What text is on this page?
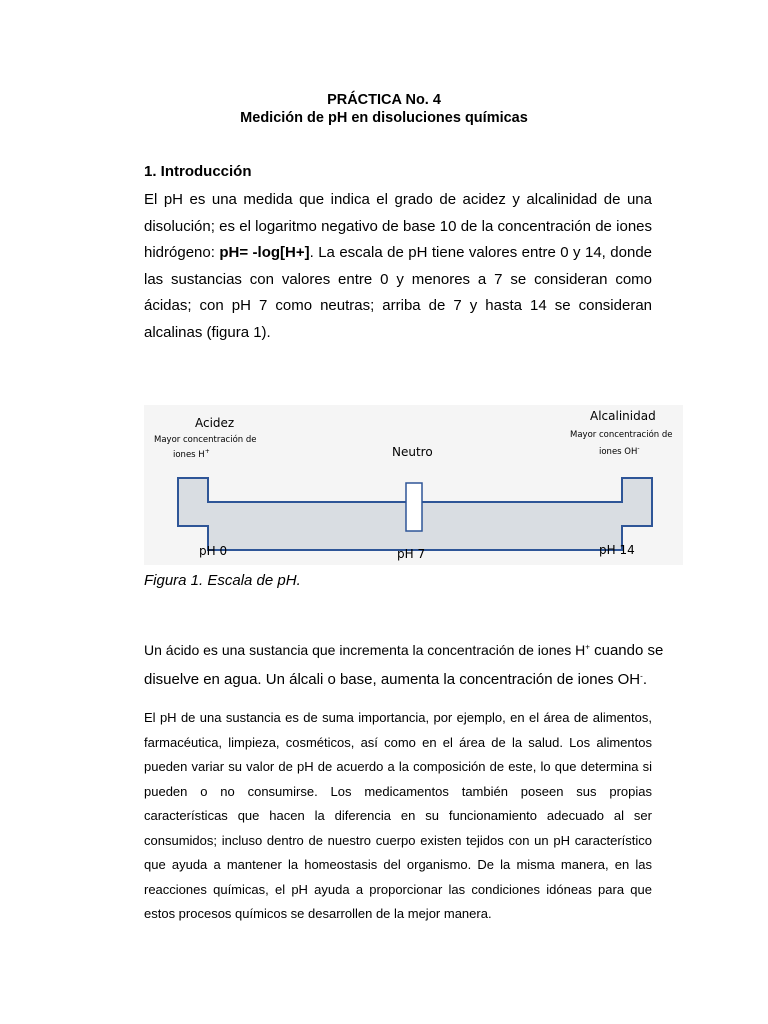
PRÁCTICA No. 4
Medición de pH en disoluciones químicas
1. Introducción

El pH es una medida que indica el grado de acidez y alcalinidad de una disolución; es el logaritmo negativo de base 10 de la concentración de iones hidrógeno: pH= -log[H+]. La escala de pH tiene valores entre 0 y 14, donde las sustancias con valores entre 0 y menores a 7 se consideran como ácidas; con pH 7 como neutras; arriba de 7 y hasta 14 se consideran alcalinas (figura 1).

Acidez
Mayor concentración de
iones H+
Alcalinidad
Mayor concentración de
iones OH-
Neutro
pH 0	pH 7	pH 14
Figura 1. Escala de pH.
Un ácido es una sustancia que incrementa la concentración de iones H+ cuando se disuelve en agua. Un álcali o base, aumenta la concentración de iones OH-.

El pH de una sustancia es de suma importancia, por ejemplo, en el área de alimentos, farmacéutica, limpieza, cosméticos, así como en el área de la salud. Los alimentos pueden variar su valor de pH de acuerdo a la composición de este, lo que determina si pueden o no consumirse. Los medicamentos también poseen sus propias características que hacen la diferencia en su funcionamiento adecuado al ser consumidos; incluso dentro de nuestro cuerpo existen tejidos con un pH característico que ayuda a mantener la homeostasis del organismo. De la misma manera, en las reacciones químicas, el pH ayuda a proporcionar las condiciones idóneas para que estos procesos químicos se desarrollen de la mejor manera.
